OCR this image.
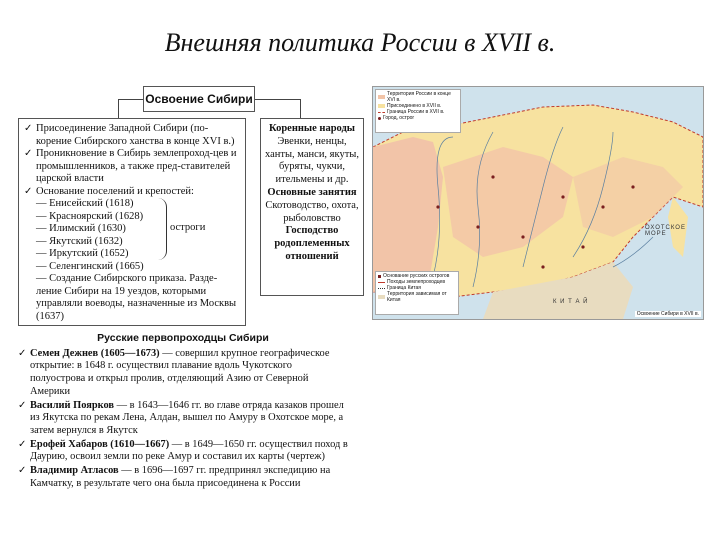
Внешняя политика России в XVII в.
Освоение Сибири
✓ Присоединение Западной Сибири (по-корение Сибирского ханства в конце XVI в.)
✓ Проникновение в Сибирь землепроход-цев и промышленников, а также пред-ставителей царской власти
✓ Основание поселений и крепостей:
— Енисейский (1618)
— Красноярский (1628)
— Илимский (1630)
— Якутский (1632)
— Иркутский (1652)
— Селенгинский (1665)
остроги
— Создание Сибирского приказа. Разде-ление Сибири на 19 уездов, которыми управляли воеводы, назначенные из Москвы (1637)
Коренные народы
Эвенки, ненцы, ханты, манси, якуты, буряты, чукчи, ительмены и др.
Основные занятия
Скотоводство, охота, рыболовство
Господство родоплеменных отношений
Территория России в конце XVI в.
Присоединено в XVII в.
Граница России в XVII в.
Город, острог
Основание русских острогов
Походы землепроходцев
Граница Китая
Территория зависимая от Китая
ОХОТСКОЕ МОРЕ
К И Т А Й
Освоение Сибири в XVII в.
Русские первопроходцы Сибири
✓ Семен Дежнев (1605—1673) — совершил крупное географическое открытие: в 1648 г. осуществил плавание вдоль Чукотского полуострова и открыл пролив, отделяющий Азию от Северной Америки
✓ Василий Поярков — в 1643—1646 гг. во главе отряда казаков прошел из Якутска по рекам Лена, Алдан, вышел по Амуру в Охотское море, а затем вернулся в Якутск
✓ Ерофей Хабаров (1610—1667) — в 1649—1650 гг. осуществил поход в Даурию, освоил земли по реке Амур и составил их карты (чертеж)
✓ Владимир Атласов — в 1696—1697 гг. предпринял экспедицию на Камчатку, в результате чего она была присоединена к России
